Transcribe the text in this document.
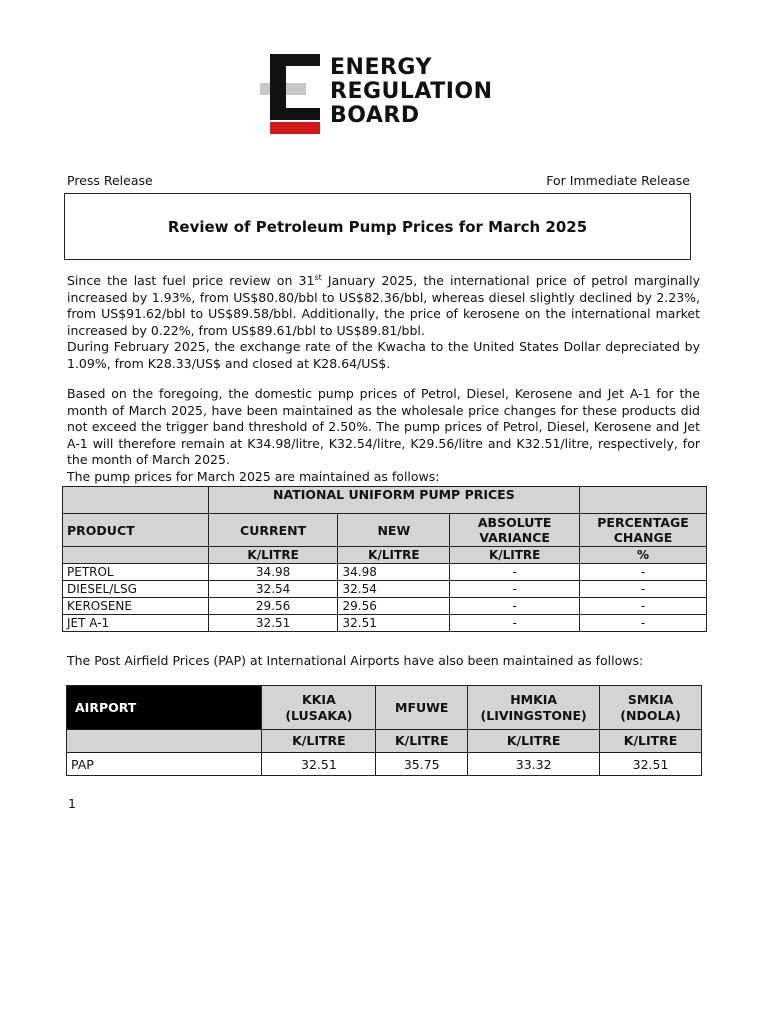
ENERGY
REGULATION
BOARD
Press Release	For Immediate Release
Review of Petroleum Pump Prices for March 2025

Since the last fuel price review on 31st January 2025, the international price of petrol marginally increased by 1.93%, from US$80.80/bbl to US$82.36/bbl, whereas diesel slightly declined by 2.23%, from US$91.62/bbl to US$89.58/bbl. Additionally, the price of kerosene on the international market increased by 0.22%, from US$89.61/bbl to US$89.81/bbl.

During February 2025, the exchange rate of the Kwacha to the United States Dollar depreciated by 1.09%, from K28.33/US$ and closed at K28.64/US$.

Based on the foregoing, the domestic pump prices of Petrol, Diesel, Kerosene and Jet A-1 for the month of March 2025, have been maintained as the wholesale price changes for these products did not exceed the trigger band threshold of 2.50%. The pump prices of Petrol, Diesel, Kerosene and Jet A-1 will therefore remain at K34.98/litre, K32.54/litre, K29.56/litre and K32.51/litre, respectively, for the month of March 2025.
The pump prices for March 2025 are maintained as follows:
	NATIONAL UNIFORM PUMP PRICES			
PRODUCT	CURRENT	NEW	ABSOLUTE VARIANCE	PERCENTAGE CHANGE
	K/LITRE	K/LITRE	K/LITRE	%
PETROL	34.98	34.98	-	-
DIESEL/LSG	32.54	32.54	-	-
KEROSENE	29.56	29.56	-	-
JET A-1	32.51	32.51	-	-
The Post Airfield Prices (PAP) at International Airports have also been maintained as follows:
AIRPORT	KKIA (LUSAKA)	MFUWE	HMKIA (LIVINGSTONE)	SMKIA (NDOLA)
	K/LITRE	K/LITRE	K/LITRE	K/LITRE
PAP	32.51	35.75	33.32	32.51
1
